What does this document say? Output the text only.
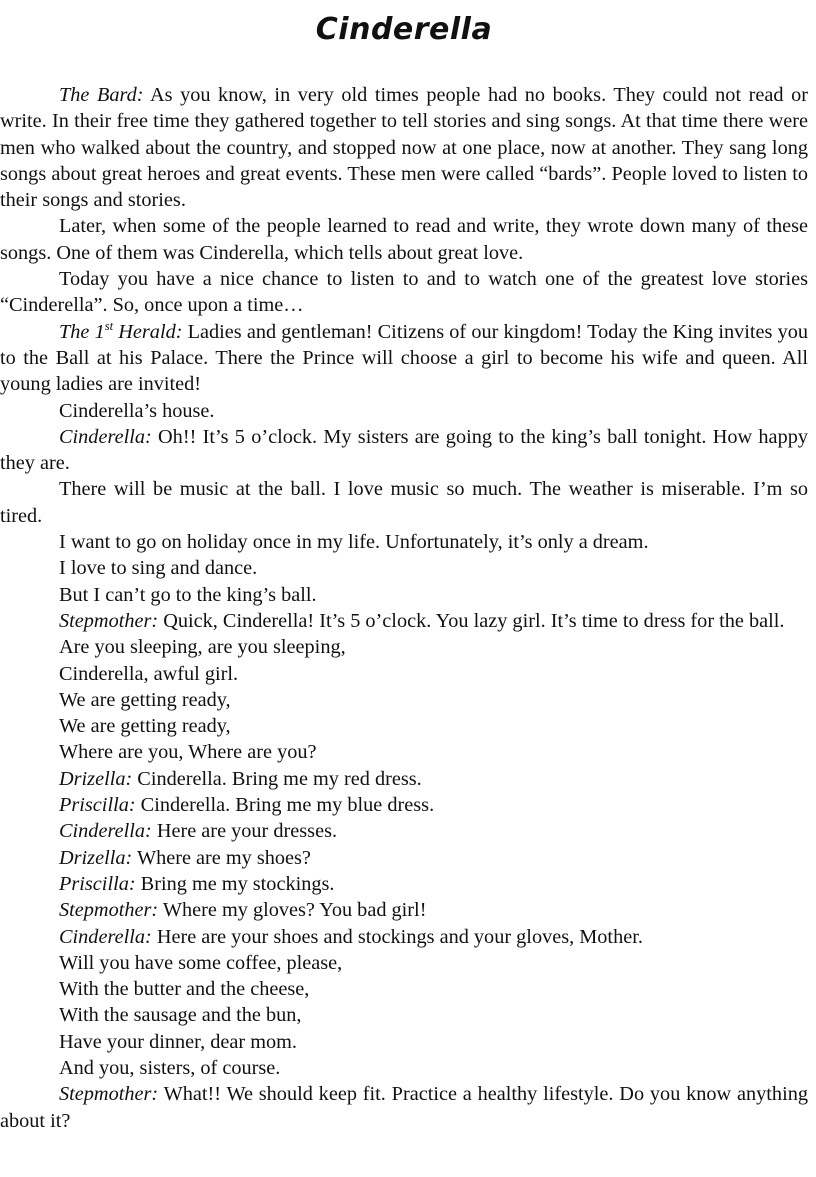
Cinderella

The Bard: As you know, in very old times people had no books. They could not read or write. In their free time they gathered together to tell stories and sing songs. At that time there were men who walked about the country, and stopped now at one place, now at another. They sang long songs about great heroes and great events. These men were called “bards”. People loved to listen to their songs and stories.

Later, when some of the people learned to read and write, they wrote down many of these songs. One of them was Cinderella, which tells about great love.

Today you have a nice chance to listen to and to watch one of the greatest love stories “Cinderella”. So, once upon a time…

The 1st Herald: Ladies and gentleman! Citizens of our kingdom! Today the King invites you to the Ball at his Palace. There the Prince will choose a girl to become his wife and queen. All young ladies are invited!

Cinderella’s house.

Cinderella: Oh!! It’s 5 o’clock. My sisters are going to the king’s ball tonight. How happy they are.

There will be music at the ball. I love music so much. The weather is miserable. I’m so tired.

I want to go on holiday once in my life. Unfortunately, it’s only a dream.

I love to sing and dance.

But I can’t go to the king’s ball.

Stepmother: Quick, Cinderella! It’s 5 o’clock. You lazy girl. It’s time to dress for the ball.

Are you sleeping, are you sleeping,

Cinderella, awful girl.

We are getting ready,

We are getting ready,

Where are you, Where are you?

Drizella: Cinderella. Bring me my red dress.

Priscilla: Cinderella. Bring me my blue dress.

Cinderella: Here are your dresses.

Drizella: Where are my shoes?

Priscilla: Bring me my stockings.

Stepmother: Where my gloves? You bad girl!

Cinderella: Here are your shoes and stockings and your gloves, Mother.

Will you have some coffee, please,

With the butter and the cheese,

With the sausage and the bun,

Have your dinner, dear mom.

And you, sisters, of course.

Stepmother: What!! We should keep fit. Practice a healthy lifestyle. Do you know anything about it?
